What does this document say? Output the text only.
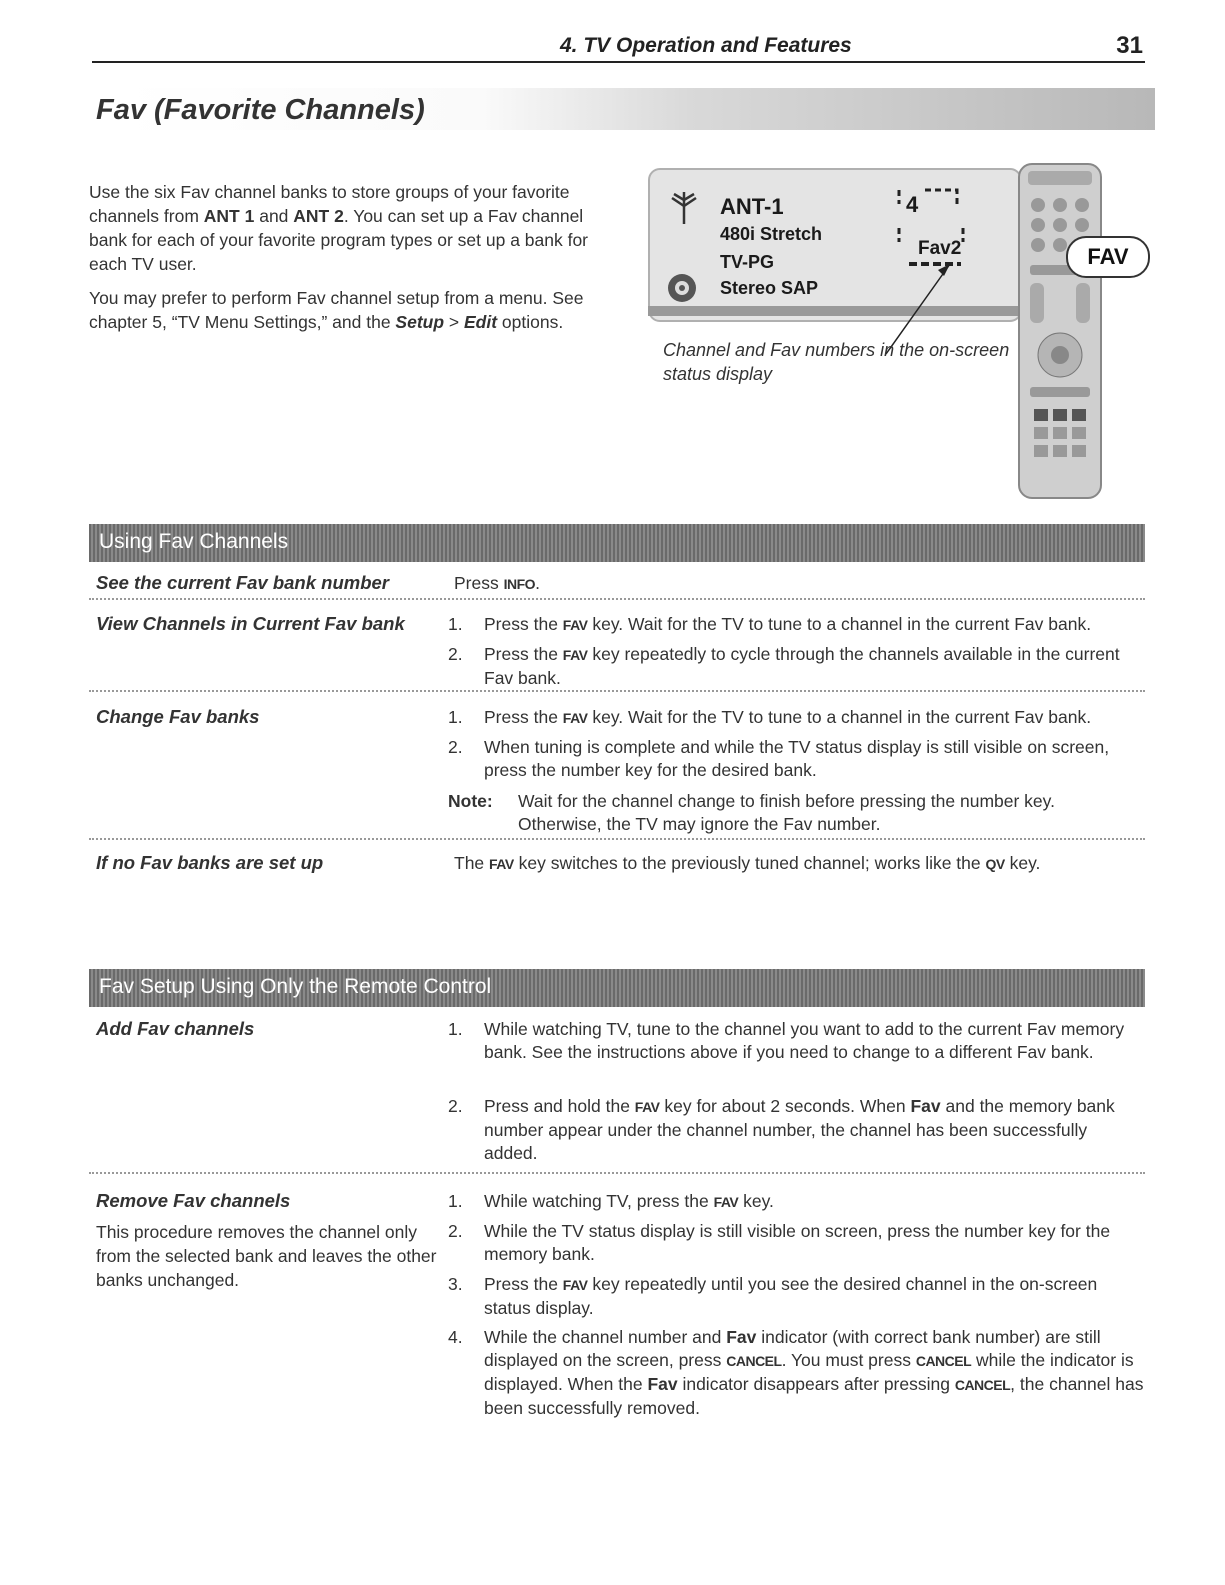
4. TV Operation and Features	31
Fav (Favorite Channels)

Use the six Fav channel banks to store groups of your favorite channels from ANT 1 and ANT 2. You can set up a Fav channel bank for each of your favorite program types or set up a bank for each TV user.

You may prefer to perform Fav channel setup from a menu. See chapter 5, “TV Menu Settings,” and the Setup > Edit options.

ANT-1
480i Stretch
TV-PG
Stereo SAP
4
Fav2
Channel and Fav numbers in the on-screen status display
FAV
Using Fav Channels
See the current Fav bank number	Press INFO.
View Channels in Current Fav bank 1.	Press the FAV key. Wait for the TV to tune to a channel in the current Fav bank.
2.	Press the FAV key repeatedly to cycle through the channels available in the current Fav bank.
Change Fav banks	1.	Press the FAV key. Wait for the TV to tune to a channel in the current Fav bank.
2.	When tuning is complete and while the TV status display is still visible on screen, press the number key for the desired bank.
Note: Wait for the channel change to finish before pressing the number key. Otherwise, the TV may ignore the Fav number.
If no Fav banks are set up	The FAV key switches to the previously tuned channel; works like the QV key.
Fav Setup Using Only the Remote Control
Add Fav channels	1.	While watching TV, tune to the channel you want to add to the current Fav memory bank. See the instructions above if you need to change to a different Fav bank.
2.	Press and hold the FAV key for about 2 seconds. When Fav and the memory bank number appear under the channel number, the channel has been successfully added.
Remove Fav channels
This procedure removes the channel only from the selected bank and leaves the other banks unchanged.
1.	While watching TV, press the FAV key.
2.	While the TV status display is still visible on screen, press the number key for the memory bank.
3.	Press the FAV key repeatedly until you see the desired channel in the on-screen status display.
4.	While the channel number and Fav indicator (with correct bank number) are still displayed on the screen, press CANCEL. You must press CANCEL while the indicator is displayed. When the Fav indicator disappears after pressing CANCEL, the channel has been successfully removed.
